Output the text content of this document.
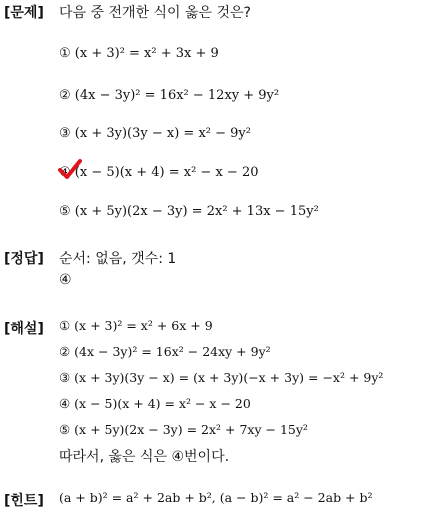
[문제] 다음 중 전개한 식이 옳은 것은?
① (x + 3)² = x² + 3x + 9
② (4x − 3y)² = 16x² − 12xy + 9y²
③ (x + 3y)(3y − x) = x² − 9y²
④ (x − 5)(x + 4) = x² − x − 20
⑤ (x + 5y)(2x − 3y) = 2x² + 13x − 15y²
[정답] 순서: 없음, 갯수: 1
④
[해설] ① (x + 3)² = x² + 6x + 9
② (4x − 3y)² = 16x² − 24xy + 9y²
③ (x + 3y)(3y − x) = (x + 3y)(−x + 3y) = −x² + 9y²
④ (x − 5)(x + 4) = x² − x − 20
⑤ (x + 5y)(2x − 3y) = 2x² + 7xy − 15y²
따라서, 옳은 식은 ④번이다.
[힌트] (a + b)² = a² + 2ab + b², (a − b)² = a² − 2ab + b²
